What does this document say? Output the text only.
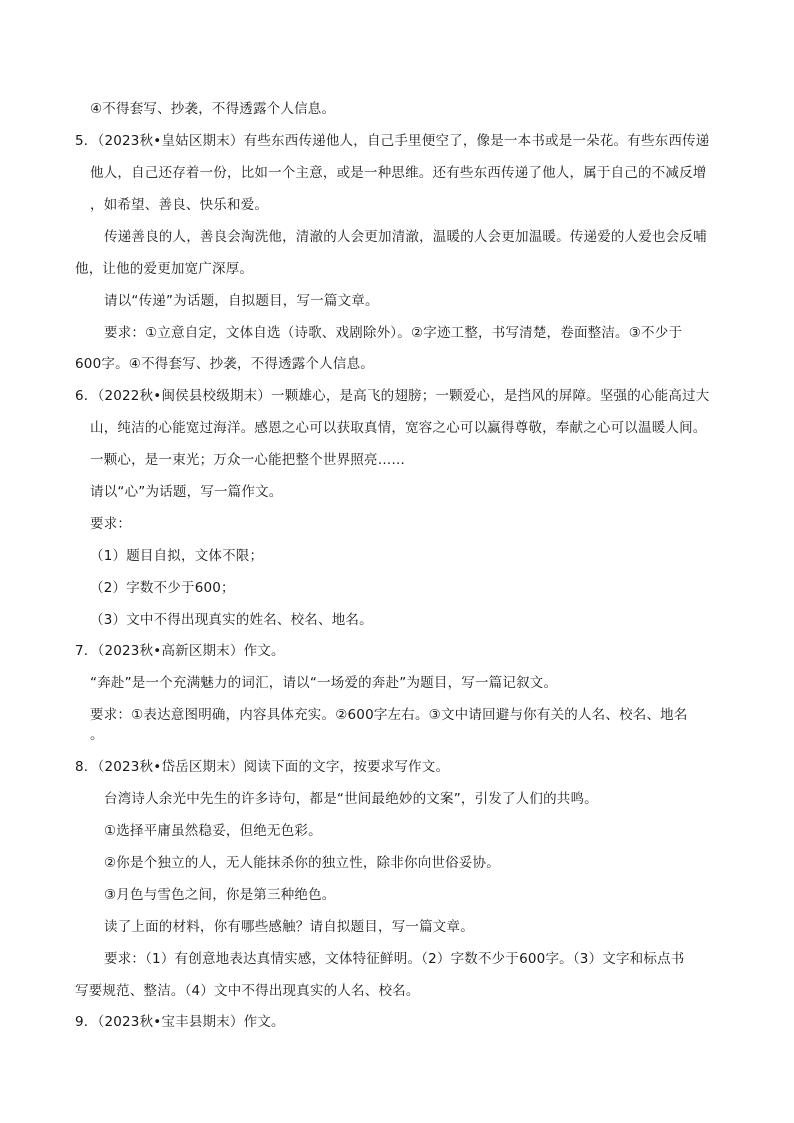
④不得套写、抄袭，不得透露个人信息。
5．（2023秋•皇姑区期末）有些东西传递他人，自己手里便空了，像是一本书或是一朵花。有些东西传递
他人，自己还存着一份，比如一个主意，或是一种思维。还有些东西传递了他人，属于自己的不减反增
，如希望、善良、快乐和爱。
传递善良的人，善良会淘洗他，清澈的人会更加清澈，温暖的人会更加温暖。传递爱的人爱也会反哺
他，让他的爱更加宽广深厚。
请以“传递”为话题，自拟题目，写一篇文章。
要求：①立意自定，文体自选（诗歌、戏剧除外）。②字迹工整，书写清楚，卷面整洁。③不少于
600字。④不得套写、抄袭，不得透露个人信息。
6．（2022秋•闽侯县校级期末）一颗雄心，是高飞的翅膀；一颗爱心，是挡风的屏障。坚强的心能高过大
山，纯洁的心能宽过海洋。感恩之心可以获取真情，宽容之心可以赢得尊敬，奉献之心可以温暖人间。
一颗心，是一束光；万众一心能把整个世界照亮……
请以“心”为话题，写一篇作文。
要求：
（1）题目自拟，文体不限；
（2）字数不少于600；
（3）文中不得出现真实的姓名、校名、地名。
7．（2023秋•高新区期末）作文。
“奔赴”是一个充满魅力的词汇，请以“一场爱的奔赴”为题目，写一篇记叙文。
要求：①表达意图明确，内容具体充实。②600字左右。③文中请回避与你有关的人名、校名、地名
。
8．（2023秋•岱岳区期末）阅读下面的文字，按要求写作文。
台湾诗人余光中先生的许多诗句，都是“世间最绝妙的文案”，引发了人们的共鸣。
①选择平庸虽然稳妥，但绝无色彩。
②你是个独立的人，无人能抹杀你的独立性，除非你向世俗妥协。
③月色与雪色之间，你是第三种绝色。
读了上面的材料，你有哪些感触？请自拟题目，写一篇文章。
要求：（1）有创意地表达真情实感，文体特征鲜明。（2）字数不少于600字。（3）文字和标点书
写要规范、整洁。（4）文中不得出现真实的人名、校名。
9．（2023秋•宝丰县期末）作文。
